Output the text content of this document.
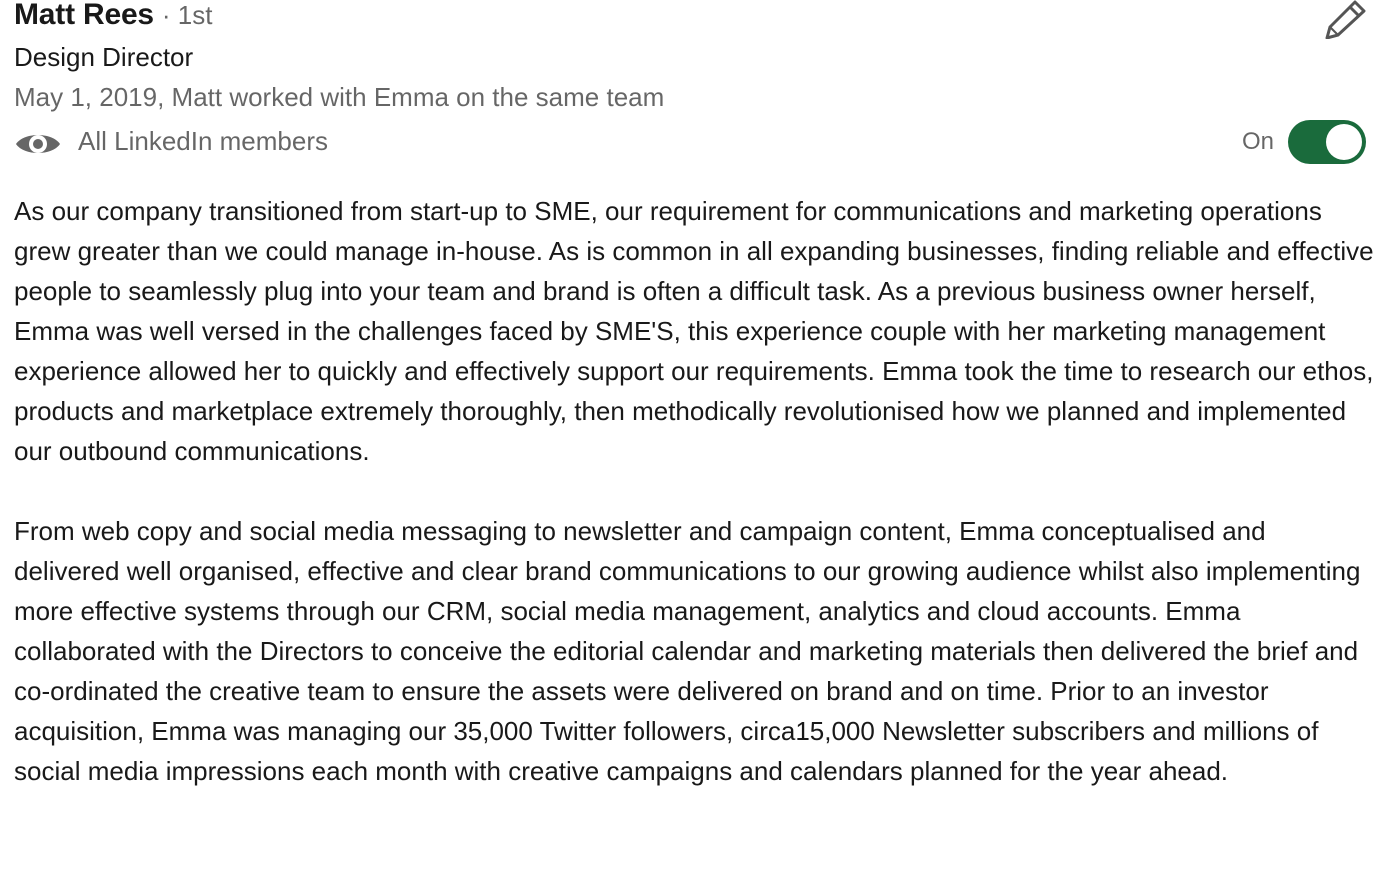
Matt Rees · 1st
Design Director
May 1, 2019, Matt worked with Emma on the same team
All LinkedIn members	On

As our company transitioned from start-up to SME, our requirement for communications and marketing operations grew greater than we could manage in-house. As is common in all expanding businesses, finding reliable and effective people to seamlessly plug into your team and brand is often a difficult task. As a previous business owner herself, Emma was well versed in the challenges faced by SME'S, this experience couple with her marketing management experience allowed her to quickly and effectively support our requirements. Emma took the time to research our ethos, products and marketplace extremely thoroughly, then methodically revolutionised how we planned and implemented our outbound communications.

From web copy and social media messaging to newsletter and campaign content, Emma conceptualised and delivered well organised, effective and clear brand communications to our growing audience whilst also implementing more effective systems through our CRM, social media management, analytics and cloud accounts. Emma collaborated with the Directors to conceive the editorial calendar and marketing materials then delivered the brief and co-ordinated the creative team to ensure the assets were delivered on brand and on time. Prior to an investor acquisition, Emma was managing our 35,000 Twitter followers, circa15,000 Newsletter subscribers and millions of social media impressions each month with creative campaigns and calendars planned for the year ahead.
